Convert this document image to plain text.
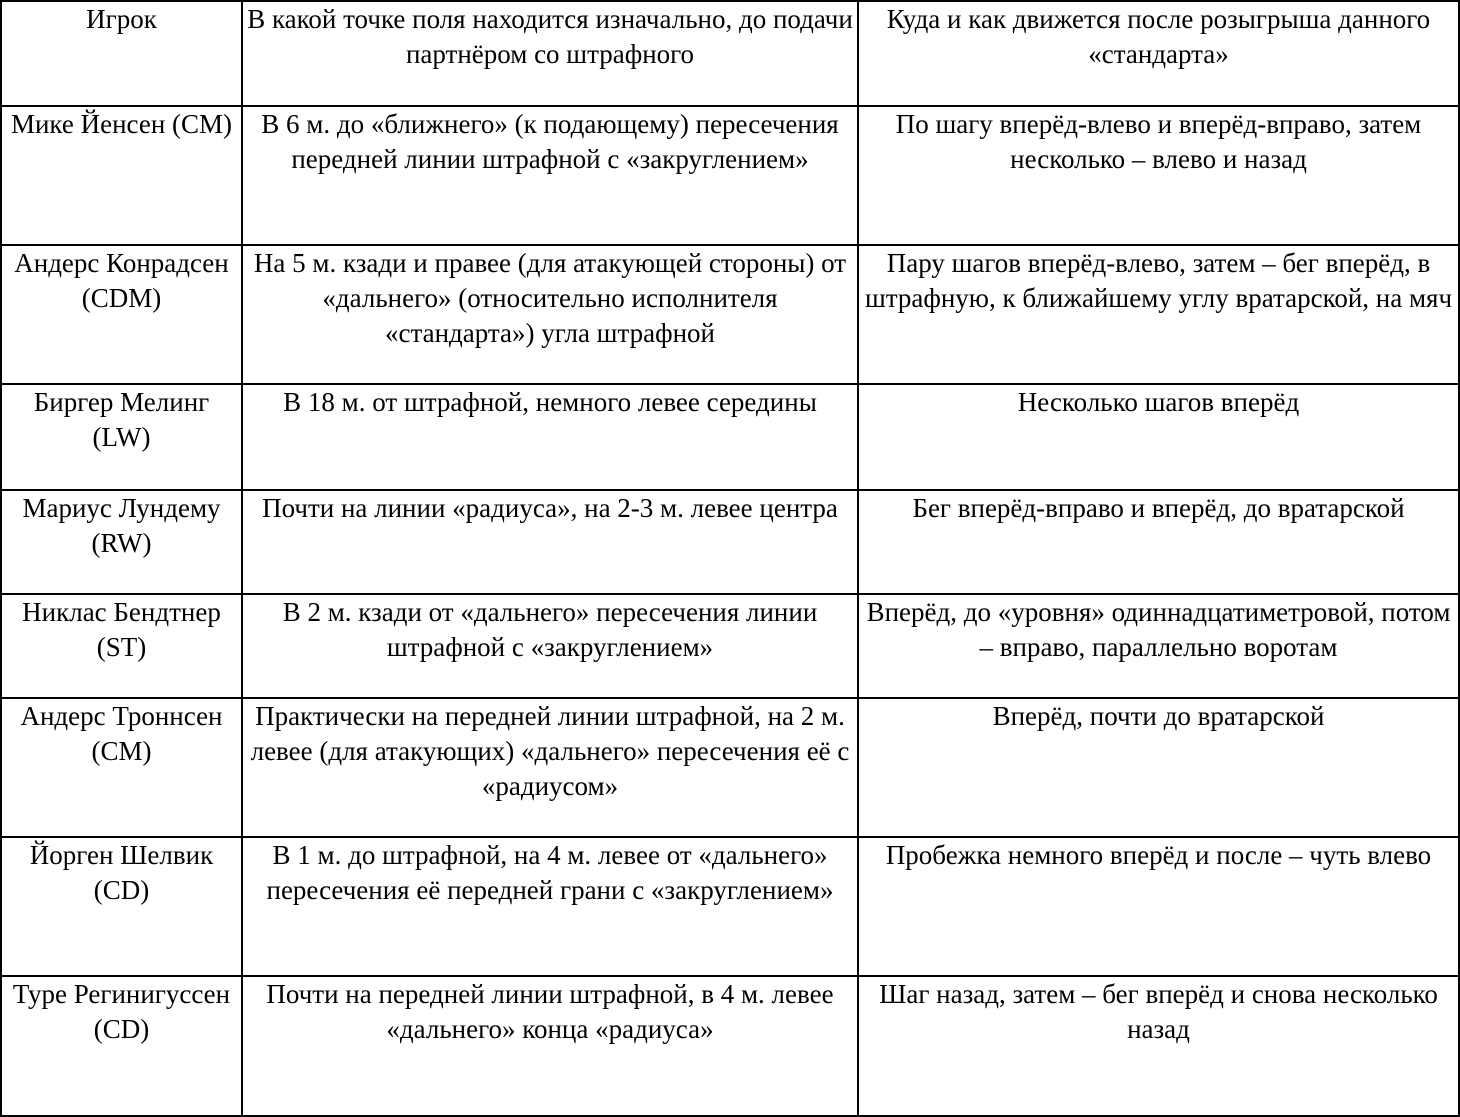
Игрок	В какой точке поля находится изначально, до подачи партнёром со штрафного	Куда и как движется после розыгрыша данного «стандарта»
Мике Йенсен (CM)	В 6 м. до «ближнего» (к подающему) пересечения передней линии штрафной с «закруглением»	По шагу вперёд-влево и вперёд-вправо, затем несколько – влево и назад
Андерс Конрадсен (CDM)	На 5 м. кзади и правее (для атакующей стороны) от «дальнего» (относительно исполнителя «стандарта») угла штрафной	Пару шагов вперёд-влево, затем – бег вперёд, в штрафную, к ближайшему углу вратарской, на мяч
Биргер Мелинг (LW)	В 18 м. от штрафной, немного левее середины	Несколько шагов вперёд
Мариус Лундему (RW)	Почти на линии «радиуса», на 2-3 м. левее центра	Бег вперёд-вправо и вперёд, до вратарской
Никлас Бендтнер (ST)	В 2 м. кзади от «дальнего» пересечения линии штрафной с «закруглением»	Вперёд, до «уровня» одиннадцатиметровой, потом – вправо, параллельно воротам
Андерс Троннсен (CM)	Практически на передней линии штрафной, на 2 м. левее (для атакующих) «дальнего» пересечения её с «радиусом»	Вперёд, почти до вратарской
Йорген Шелвик (CD)	В 1 м. до штрафной, на 4 м. левее от «дальнего» пересечения её передней грани с «закруглением»	Пробежка немного вперёд и после – чуть влево
Туре Регинигуссен (CD)	Почти на передней линии штрафной, в 4 м. левее «дальнего» конца «радиуса»	Шаг назад, затем – бег вперёд и снова несколько назад
